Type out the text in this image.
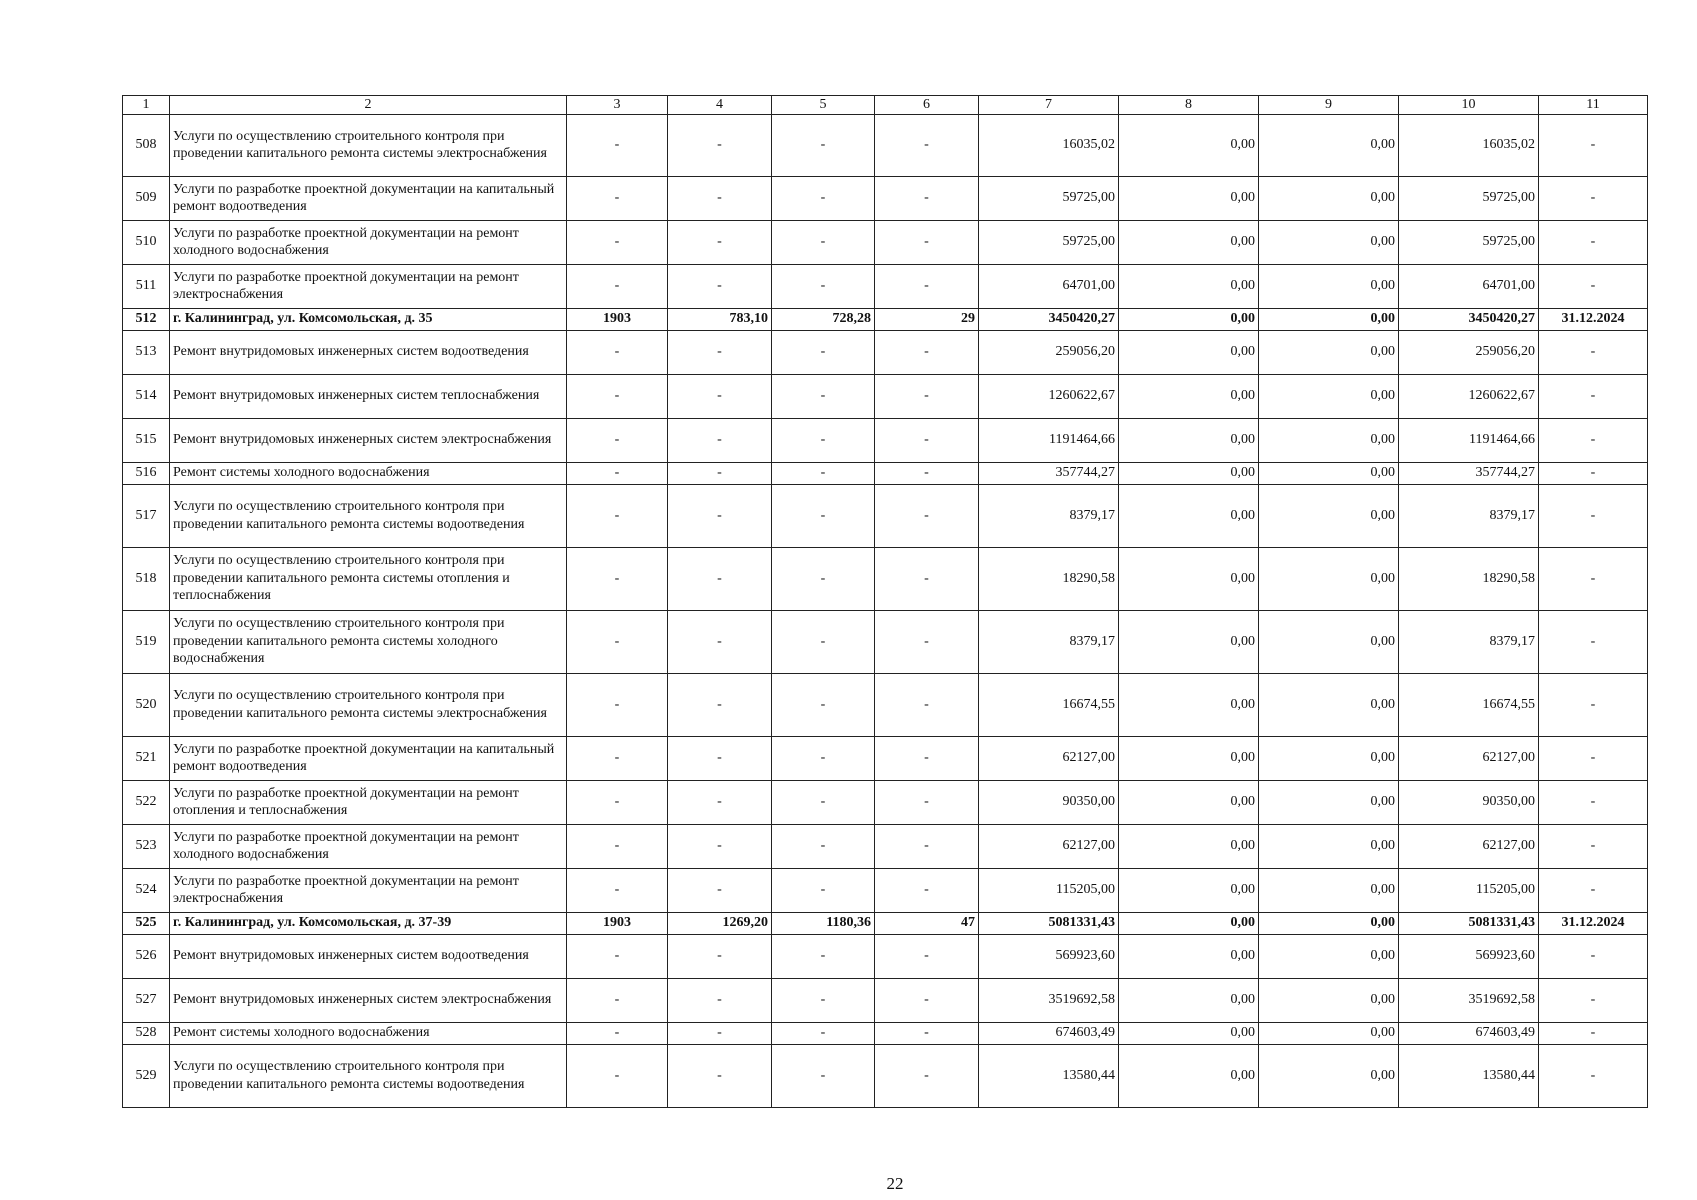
1	2	3	4	5	6	7	8	9	10	11
508	Услуги по осуществлению строительного контроля при проведении капитального ремонта системы электроснабжения	-	-	-	-	16035,02	0,00	0,00	16035,02	-
509	Услуги по разработке проектной документации на капитальный ремонт водоотведения	-	-	-	-	59725,00	0,00	0,00	59725,00	-
510	Услуги по разработке проектной документации на ремонт холодного водоснабжения	-	-	-	-	59725,00	0,00	0,00	59725,00	-
511	Услуги по разработке проектной документации на ремонт электроснабжения	-	-	-	-	64701,00	0,00	0,00	64701,00	-
512	г. Калининград, ул. Комсомольская, д. 35	1903	783,10	728,28	29	3450420,27	0,00	0,00	3450420,27	31.12.2024
513	Ремонт внутридомовых инженерных систем водоотведения	-	-	-	-	259056,20	0,00	0,00	259056,20	-
514	Ремонт внутридомовых инженерных систем теплоснабжения	-	-	-	-	1260622,67	0,00	0,00	1260622,67	-
515	Ремонт внутридомовых инженерных систем электроснабжения	-	-	-	-	1191464,66	0,00	0,00	1191464,66	-
516	Ремонт системы холодного водоснабжения	-	-	-	-	357744,27	0,00	0,00	357744,27	-
517	Услуги по осуществлению строительного контроля при проведении капитального ремонта системы водоотведения	-	-	-	-	8379,17	0,00	0,00	8379,17	-
518	Услуги по осуществлению строительного контроля при проведении капитального ремонта системы отопления и теплоснабжения	-	-	-	-	18290,58	0,00	0,00	18290,58	-
519	Услуги по осуществлению строительного контроля при проведении капитального ремонта системы холодного водоснабжения	-	-	-	-	8379,17	0,00	0,00	8379,17	-
520	Услуги по осуществлению строительного контроля при проведении капитального ремонта системы электроснабжения	-	-	-	-	16674,55	0,00	0,00	16674,55	-
521	Услуги по разработке проектной документации на капитальный ремонт водоотведения	-	-	-	-	62127,00	0,00	0,00	62127,00	-
522	Услуги по разработке проектной документации на ремонт отопления и теплоснабжения	-	-	-	-	90350,00	0,00	0,00	90350,00	-
523	Услуги по разработке проектной документации на ремонт холодного водоснабжения	-	-	-	-	62127,00	0,00	0,00	62127,00	-
524	Услуги по разработке проектной документации на ремонт электроснабжения	-	-	-	-	115205,00	0,00	0,00	115205,00	-
525	г. Калининград, ул. Комсомольская, д. 37-39	1903	1269,20	1180,36	47	5081331,43	0,00	0,00	5081331,43	31.12.2024
526	Ремонт внутридомовых инженерных систем водоотведения	-	-	-	-	569923,60	0,00	0,00	569923,60	-
527	Ремонт внутридомовых инженерных систем электроснабжения	-	-	-	-	3519692,58	0,00	0,00	3519692,58	-
528	Ремонт системы холодного водоснабжения	-	-	-	-	674603,49	0,00	0,00	674603,49	-
529	Услуги по осуществлению строительного контроля при проведении капитального ремонта системы водоотведения	-	-	-	-	13580,44	0,00	0,00	13580,44	-
22
